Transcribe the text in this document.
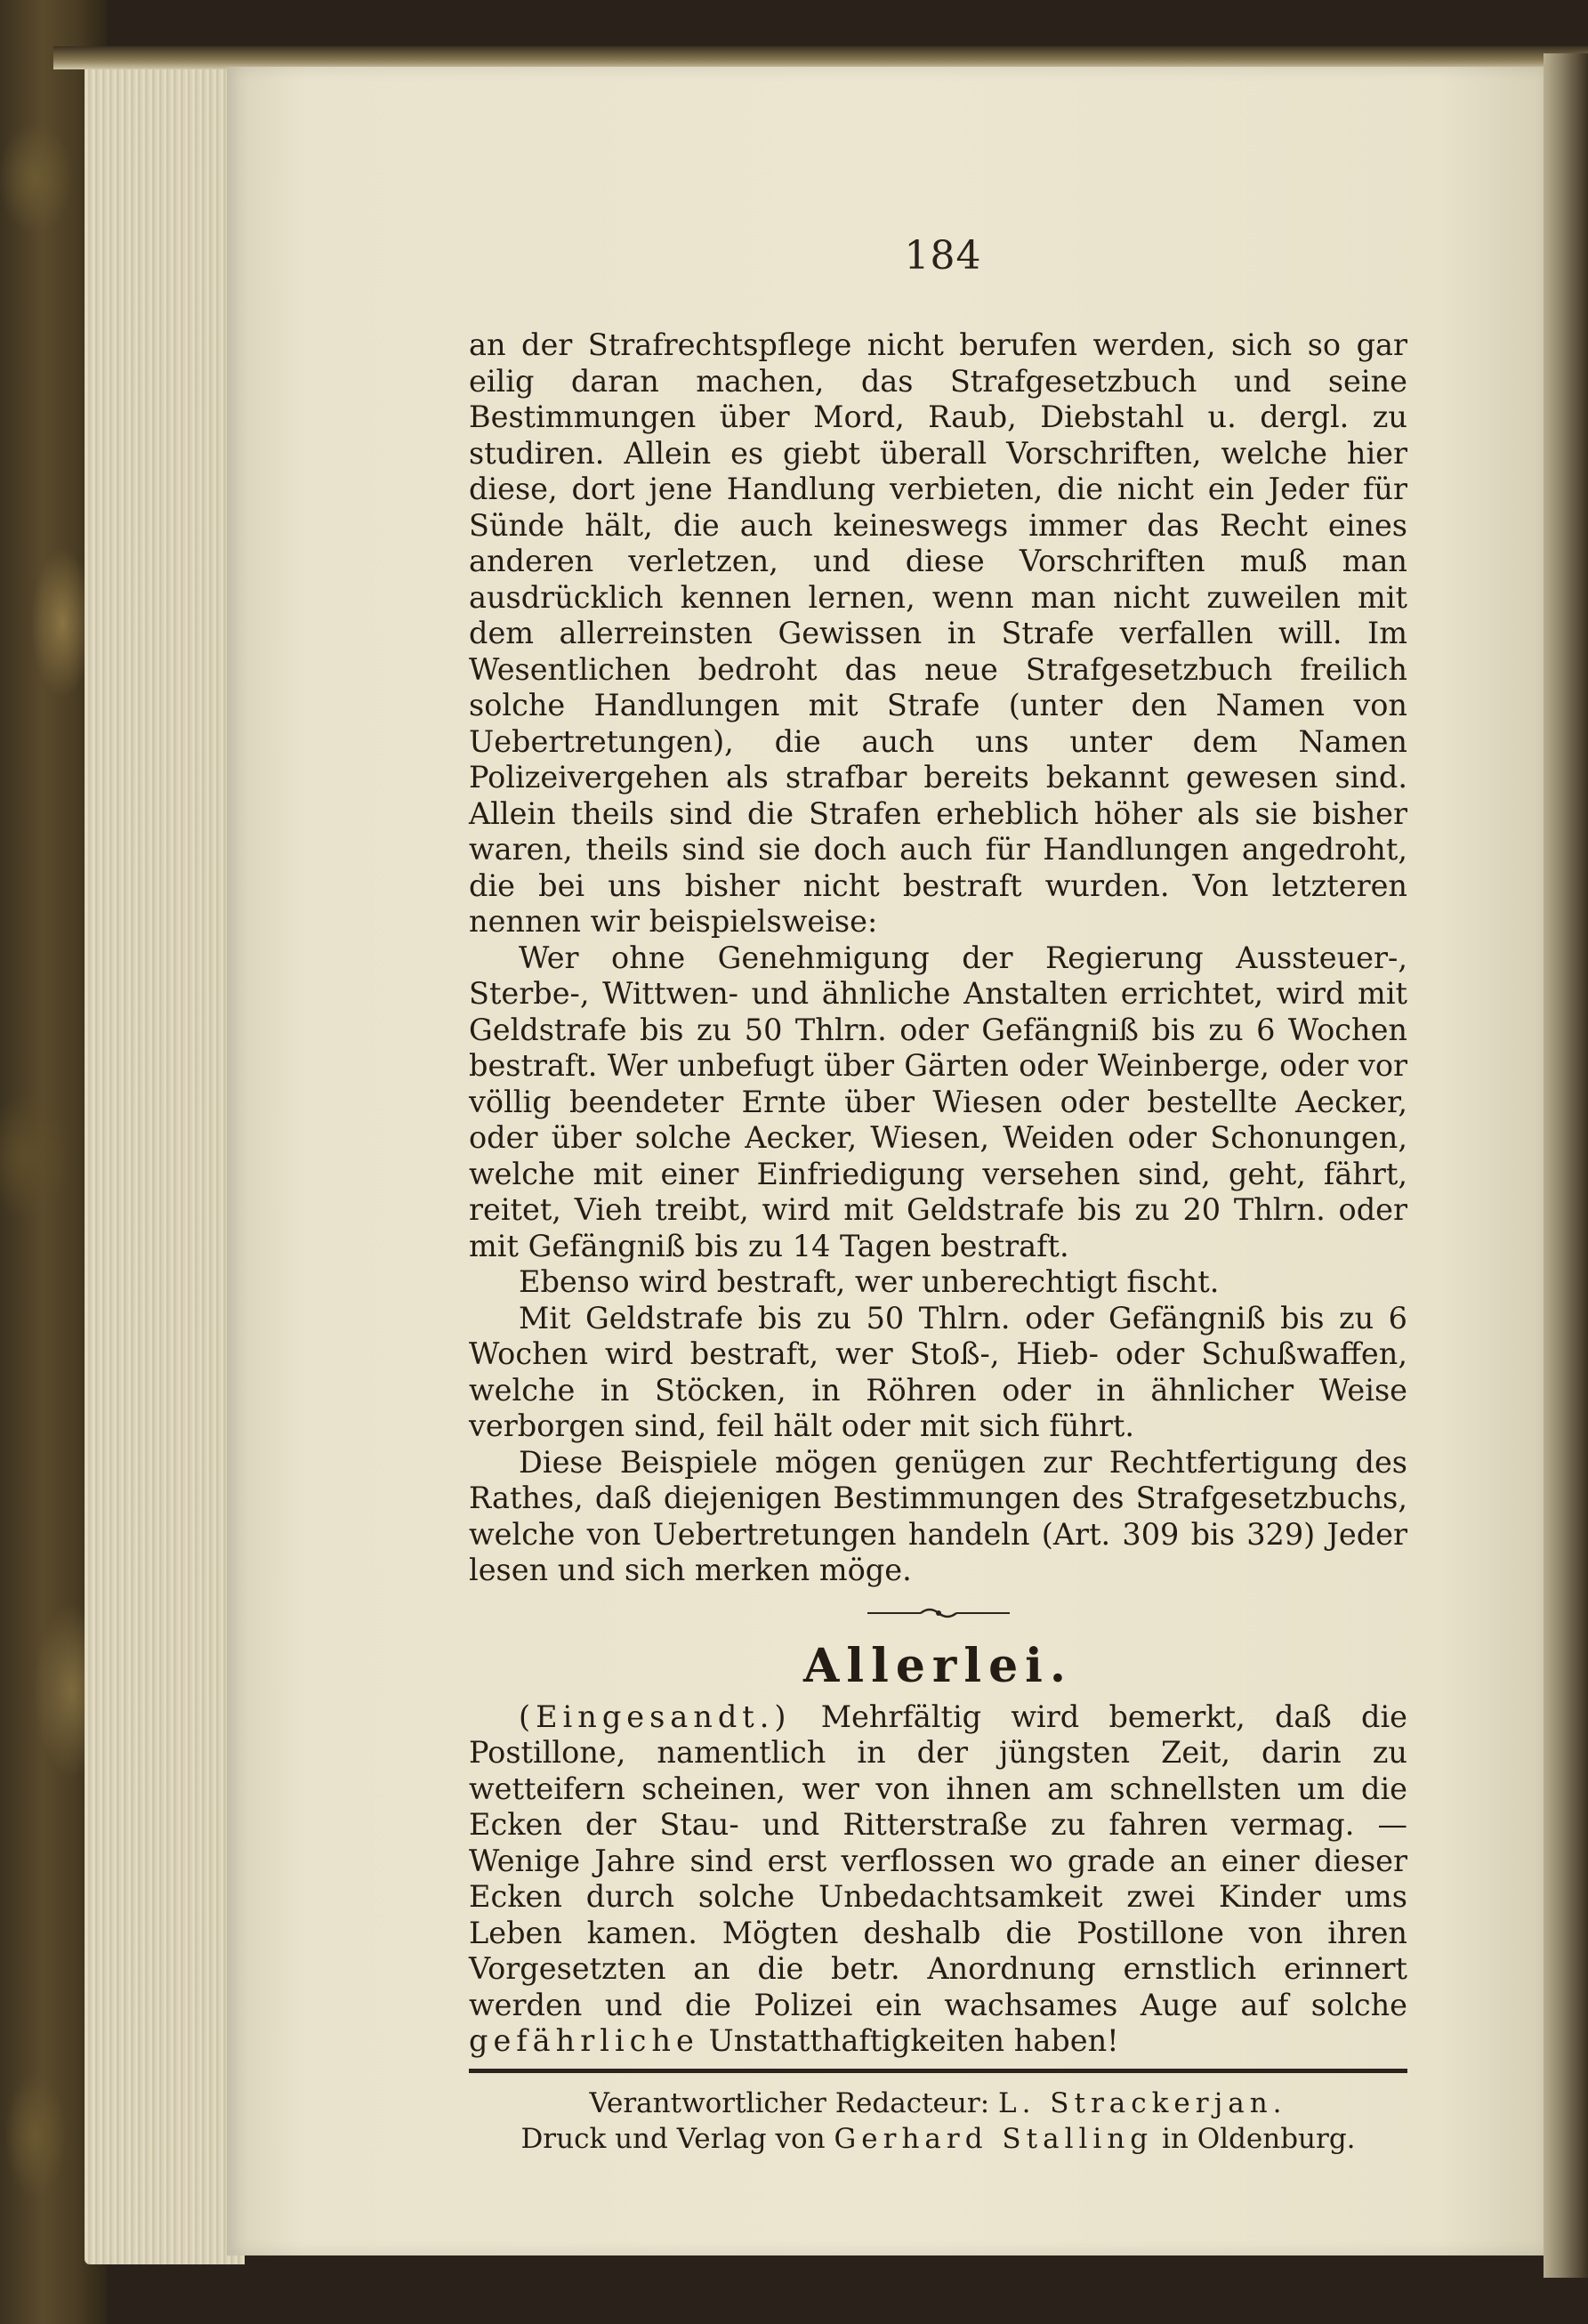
184

an der Strafrechtspflege nicht berufen werden, sich so gar eilig daran machen, das Strafgesetzbuch und seine Bestimmungen über Mord, Raub, Diebstahl u. dergl. zu studiren. Allein es giebt überall Vorschriften, welche hier diese, dort jene Handlung verbieten, die nicht ein Jeder für Sünde hält, die auch keineswegs immer das Recht eines anderen verletzen, und diese Vorschriften muß man ausdrücklich kennen lernen, wenn man nicht zuweilen mit dem allerreinsten Gewissen in Strafe verfallen will. Im Wesentlichen bedroht das neue Strafgesetzbuch freilich solche Handlungen mit Strafe (unter den Namen von Uebertretungen), die auch uns unter dem Namen Polizeivergehen als strafbar bereits bekannt gewesen sind. Allein theils sind die Strafen erheblich höher als sie bisher waren, theils sind sie doch auch für Handlungen angedroht, die bei uns bisher nicht bestraft wurden. Von letzteren nennen wir beispielsweise:

Wer ohne Genehmigung der Regierung Aussteuer-, Sterbe-, Wittwen- und ähnliche Anstalten errichtet, wird mit Geldstrafe bis zu 50 Thlrn. oder Gefängniß bis zu 6 Wochen bestraft. Wer unbefugt über Gärten oder Weinberge, oder vor völlig beendeter Ernte über Wiesen oder bestellte Aecker, oder über solche Aecker, Wiesen, Weiden oder Schonungen, welche mit einer Einfriedigung versehen sind, geht, fährt, reitet, Vieh treibt, wird mit Geldstrafe bis zu 20 Thlrn. oder mit Gefängniß bis zu 14 Tagen bestraft.

Ebenso wird bestraft, wer unberechtigt fischt.

Mit Geldstrafe bis zu 50 Thlrn. oder Gefängniß bis zu 6 Wochen wird bestraft, wer Stoß-, Hieb- oder Schußwaffen, welche in Stöcken, in Röhren oder in ähnlicher Weise verborgen sind, feil hält oder mit sich führt.

Diese Beispiele mögen genügen zur Rechtfertigung des Rathes, daß diejenigen Bestimmungen des Strafgesetzbuchs, welche von Uebertretungen handeln (Art. 309 bis 329) Jeder lesen und sich merken möge.

Allerlei.

(Eingesandt.) Mehrfältig wird bemerkt, daß die Postillone, namentlich in der jüngsten Zeit, darin zu wetteifern scheinen, wer von ihnen am schnellsten um die Ecken der Stau- und Ritterstraße zu fahren vermag. — Wenige Jahre sind erst verflossen wo grade an einer dieser Ecken durch solche Unbedachtsamkeit zwei Kinder ums Leben kamen. Mögten deshalb die Postillone von ihren Vorgesetzten an die betr. Anordnung ernstlich erinnert werden und die Polizei ein wachsames Auge auf solche gefährliche Unstatthaftigkeiten haben!

Verantwortlicher Redacteur: L. Strackerjan.
Druck und Verlag von Gerhard Stalling in Oldenburg.
